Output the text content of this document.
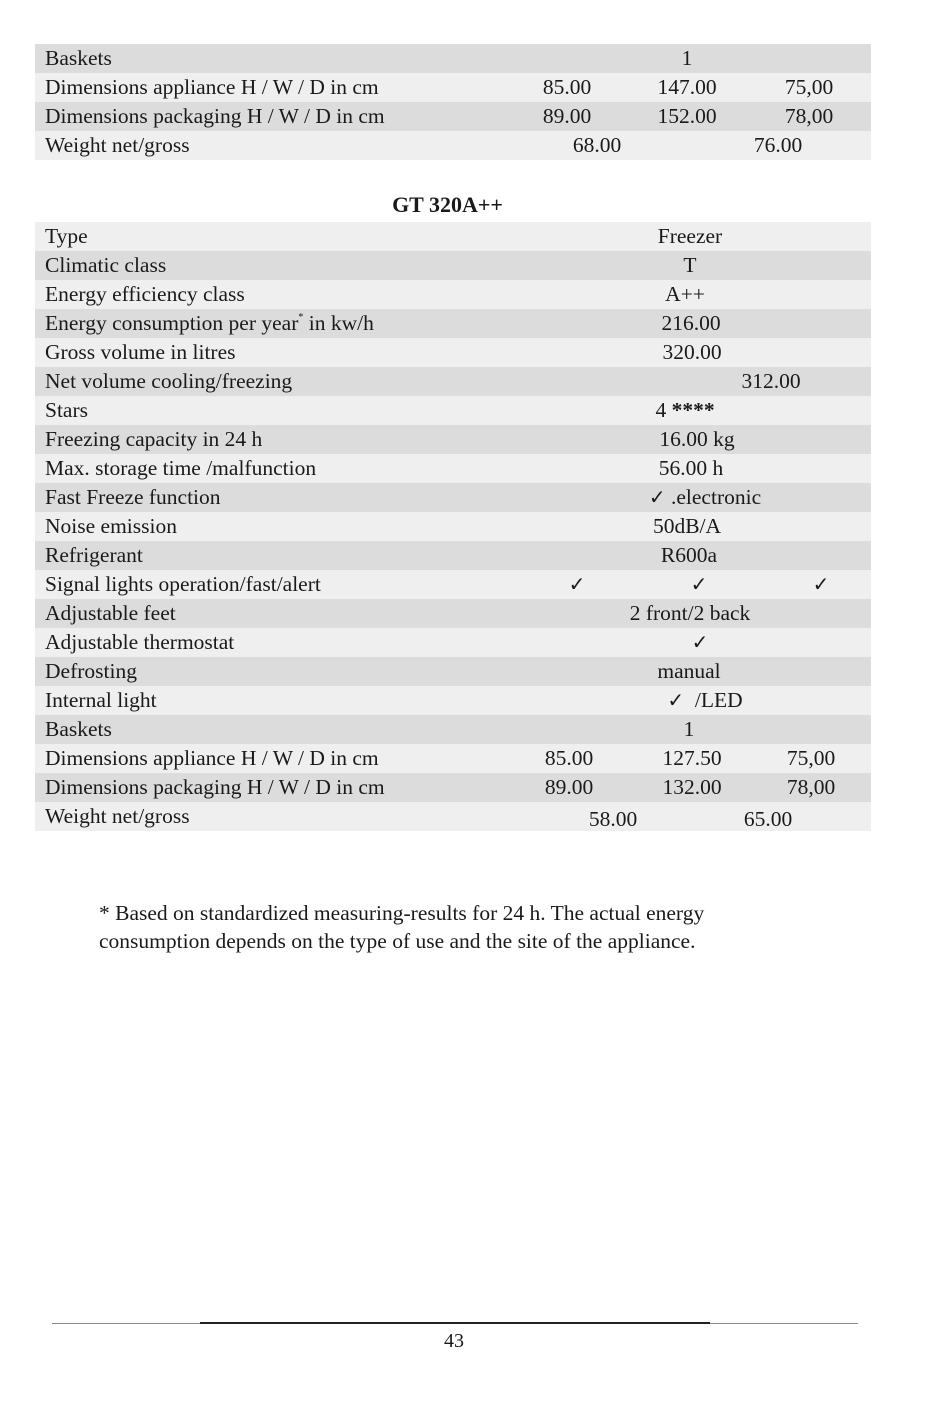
Baskets	1
Dimensions appliance H / W / D in cm	85.00	147.00	75,00
Dimensions packaging H / W / D in cm	89.00	152.00	78,00
Weight net/gross	68.00	76.00
GT 320A++
Type	Freezer
Climatic class	T
Energy efficiency class	A++
Energy consumption per year* in kw/h	216.00
Gross volume in litres	320.00
Net volume cooling/freezing	312.00
Stars	4 ****
Freezing capacity in 24 h	16.00 kg
Max. storage time /malfunction	56.00 h
Fast Freeze function	✓ .electronic
Noise emission	50dB/A
Refrigerant	R600a
Signal lights operation/fast/alert	✓	✓	✓
Adjustable feet	2 front/2 back
Adjustable thermostat	✓
Defrosting	manual
Internal light	✓ /LED
Baskets	1
Dimensions appliance H / W / D in cm	85.00	127.50	75,00
Dimensions packaging H / W / D in cm	89.00	132.00	78,00
Weight net/gross	58.00	65.00
* Based on standardized measuring-results for 24 h. The actual energy
consumption depends on the type of use and the site of the appliance.
43
